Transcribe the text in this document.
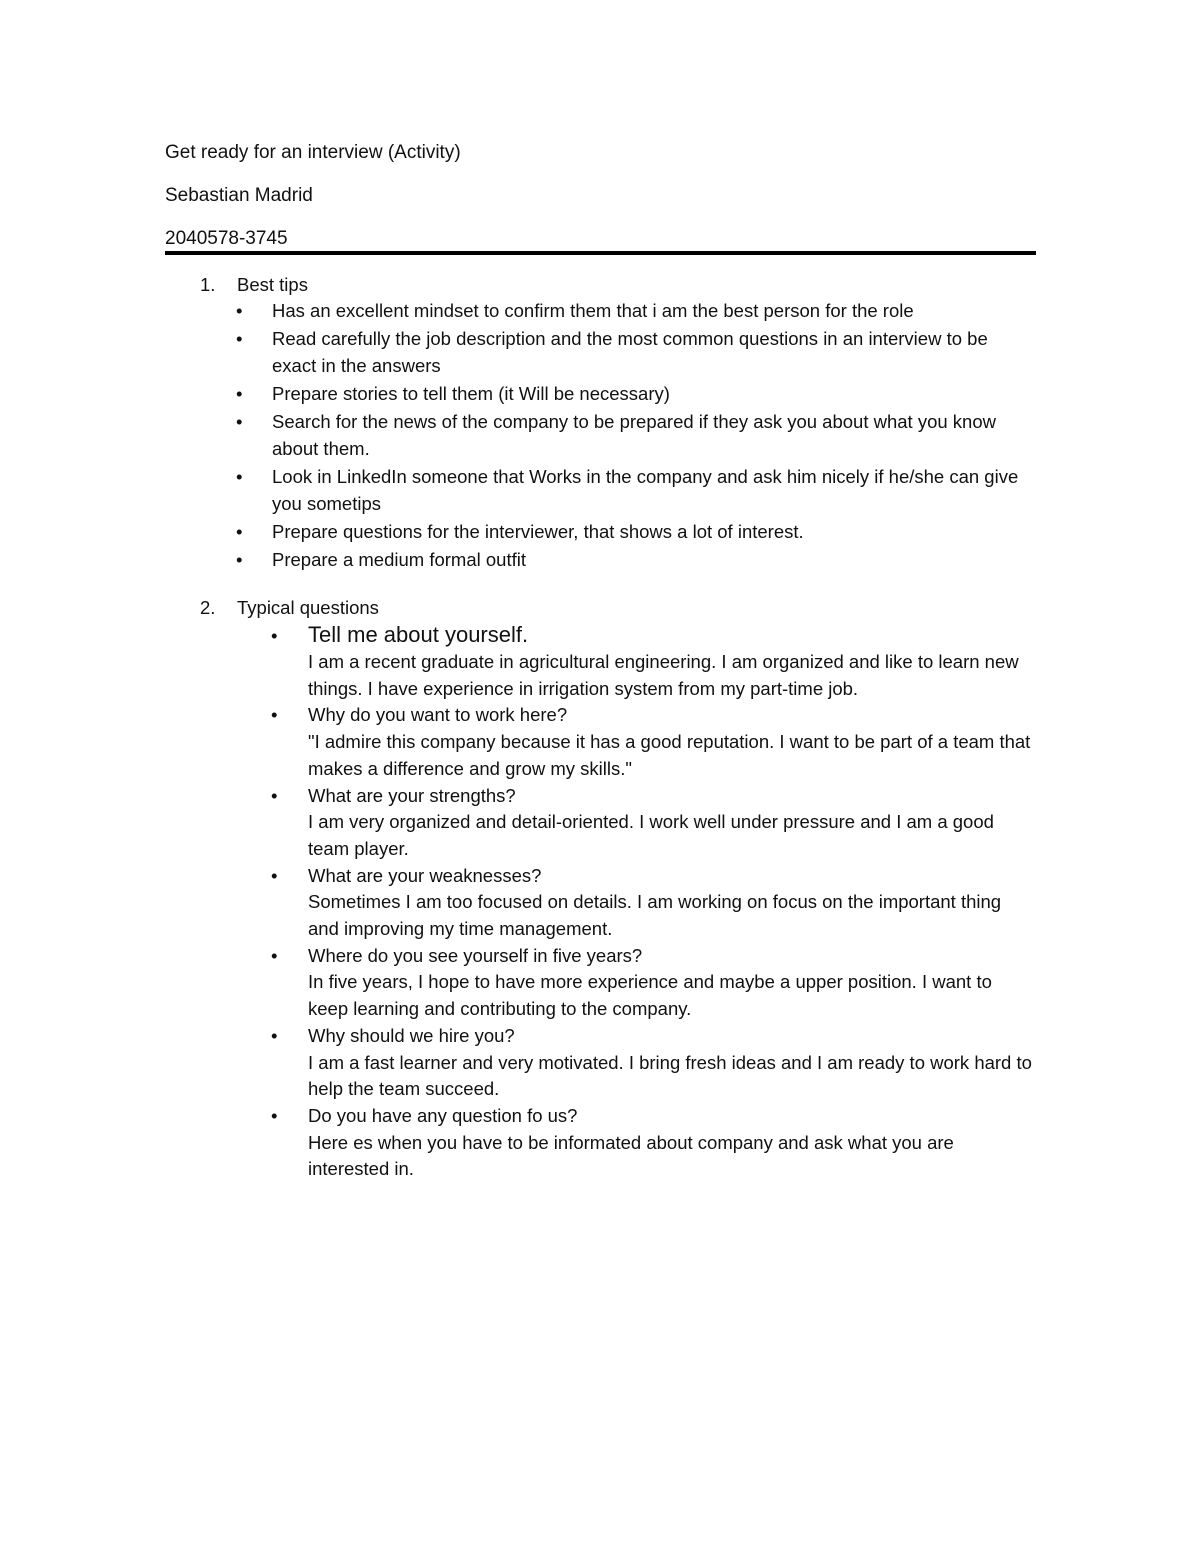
Get ready for an interview (Activity)
Sebastian Madrid
2040578-3745
1. Best tips
• Has an excellent mindset to confirm them that i am the best person for the role
• Read carefully the job description and the most common questions in an interview to be exact in the answers
• Prepare stories to tell them (it Will be necessary)
• Search for the news of the company to be prepared if they ask you about what you know about them.
• Look in LinkedIn someone that Works in the company and ask him nicely if he/she can give you sometips
• Prepare questions for the interviewer, that shows a lot of interest.
• Prepare a medium formal outfit
2. Typical questions
• Tell me about yourself.
I am a recent graduate in agricultural engineering. I am organized and like to learn new things. I have experience in irrigation system from my part-time job.
• Why do you want to work here?
"I admire this company because it has a good reputation. I want to be part of a team that makes a difference and grow my skills."
• What are your strengths?
I am very organized and detail-oriented. I work well under pressure and I am a good team player.
• What are your weaknesses?
Sometimes I am too focused on details. I am working on focus on the important thing and improving my time management.
• Where do you see yourself in five years?
In five years, I hope to have more experience and maybe a upper position. I want to keep learning and contributing to the company.
• Why should we hire you?
I am a fast learner and very motivated. I bring fresh ideas and I am ready to work hard to help the team succeed.
• Do you have any question fo us?
Here es when you have to be informated about company and ask what you are interested in.
